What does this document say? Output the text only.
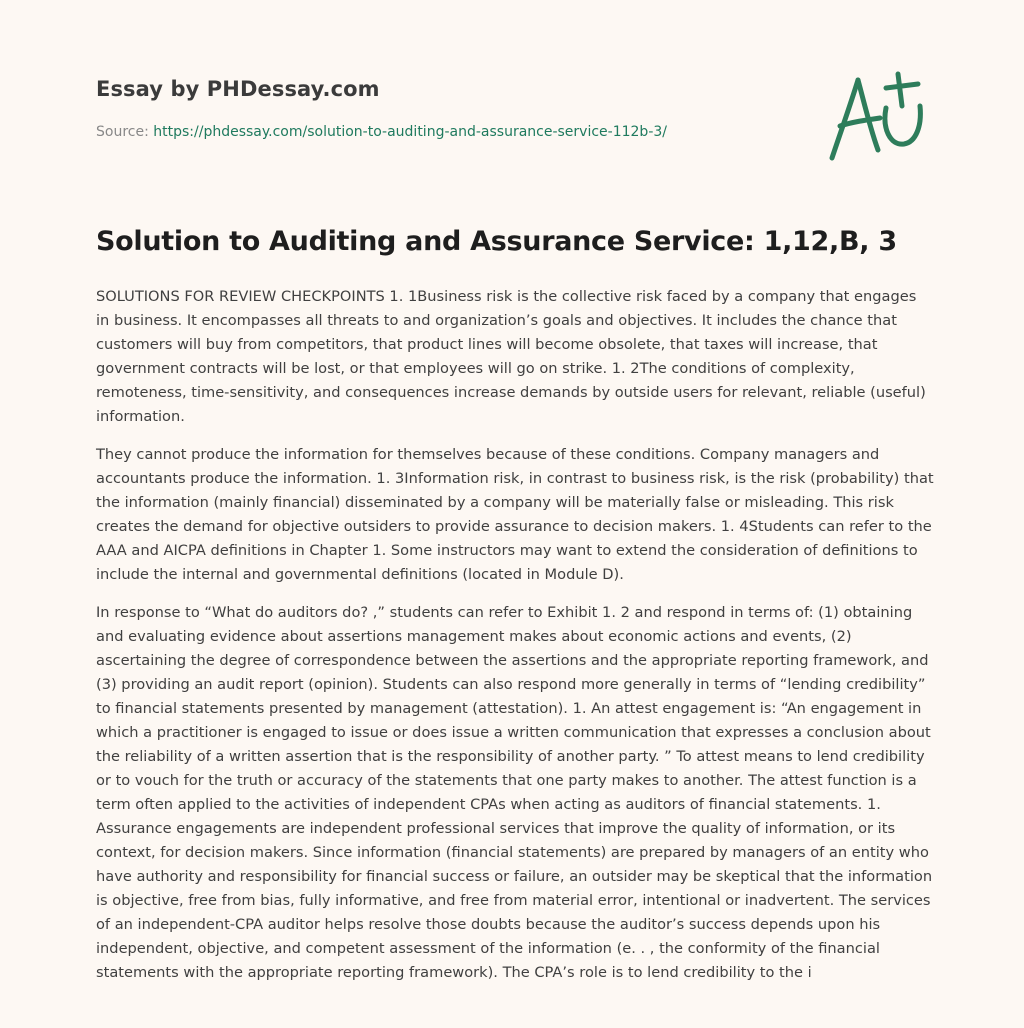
Essay by PHDessay.com
Source: https://phdessay.com/solution-to-auditing-and-assurance-service-112b-3/
Solution to Auditing and Assurance Service: 1,12,B, 3

SOLUTIONS FOR REVIEW CHECKPOINTS 1. 1Business risk is the collective risk faced by a company that engages in business. It encompasses all threats to and organization’s goals and objectives. It includes the chance that customers will buy from competitors, that product lines will become obsolete, that taxes will increase, that government contracts will be lost, or that employees will go on strike. 1. 2The conditions of complexity, remoteness, time-sensitivity, and consequences increase demands by outside users for relevant, reliable (useful) information.

They cannot produce the information for themselves because of these conditions. Company managers and accountants produce the information. 1. 3Information risk, in contrast to business risk, is the risk (probability) that the information (mainly financial) disseminated by a company will be materially false or misleading. This risk creates the demand for objective outsiders to provide assurance to decision makers. 1. 4Students can refer to the AAA and AICPA definitions in Chapter 1. Some instructors may want to extend the consideration of definitions to include the internal and governmental definitions (located in Module D).

In response to “What do auditors do? ,” students can refer to Exhibit 1. 2 and respond in terms of: (1) obtaining and evaluating evidence about assertions management makes about economic actions and events, (2) ascertaining the degree of correspondence between the assertions and the appropriate reporting framework, and (3) providing an audit report (opinion). Students can also respond more generally in terms of “lending credibility” to financial statements presented by management (attestation). 1. An attest engagement is: “An engagement in which a practitioner is engaged to issue or does issue a written communication that expresses a conclusion about the reliability of a written assertion that is the responsibility of another party. ” To attest means to lend credibility or to vouch for the truth or accuracy of the statements that one party makes to another. The attest function is a term often applied to the activities of independent CPAs when acting as auditors of financial statements. 1. Assurance engagements are independent professional services that improve the quality of information, or its context, for decision makers. Since information (financial statements) are prepared by managers of an entity who have authority and responsibility for financial success or failure, an outsider may be skeptical that the information is objective, free from bias, fully informative, and free from material error, intentional or inadvertent. The services of an independent-CPA auditor helps resolve those doubts because the auditor’s success depends upon his independent, objective, and competent assessment of the information (e. . , the conformity of the financial statements with the appropriate reporting framework). The CPA’s role is to lend credibility to the i
